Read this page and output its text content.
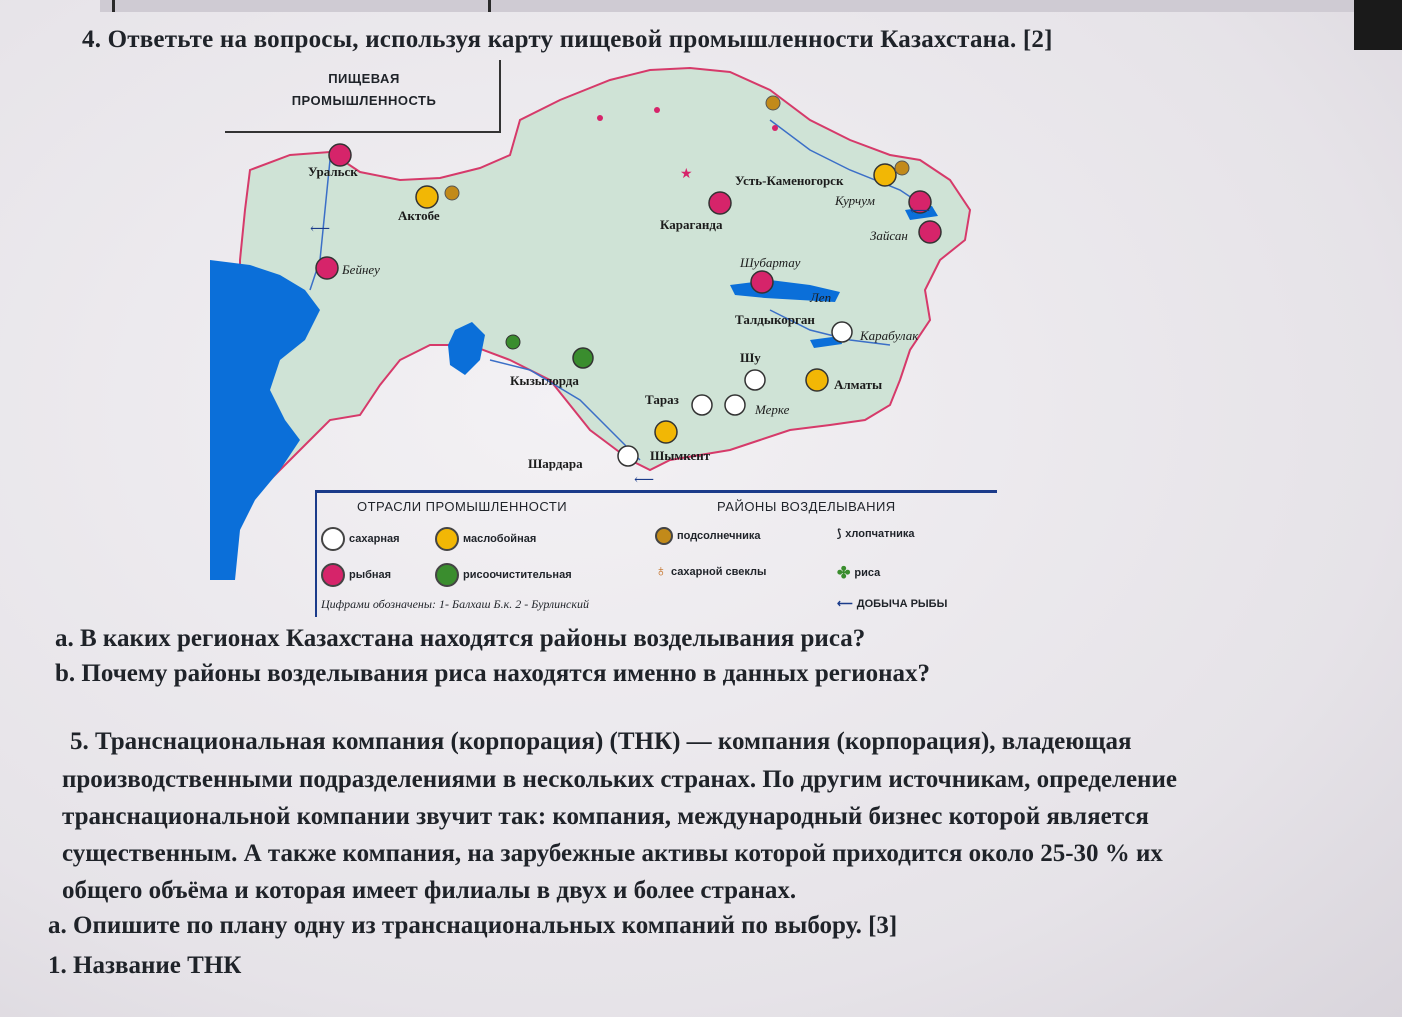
4. Ответьте на вопросы, используя карту пищевой промышленности Казахстана. [2]
★
⟵
⟵
⟵
ПИЩЕВАЯ
ПРОМЫШЛЕННОСТЬ
Уральск
Актобе
Бейнеу
Караганда
Усть-Каменогорск
Курчум
Зайсан
Шубартау
Леп
Талдыкорган
Карабулак
Кызылорда
Шу
Алматы
Тараз
Мерке
Шардара
Шымкент
ОТРАСЛИ ПРОМЫШЛЕННОСТИ	РАЙОНЫ ВОЗДЕЛЫВАНИЯ
сахарная	маслобойная	подсолнечника	⟆ хлопчатника
рыбная	рисоочистительная	♁ сахарной свеклы	✤ риса
Цифрами обозначены: 1- Балхаш Б.к. 2 - Бурлинский	⟵ ДОБЫЧА РЫБЫ
a. В каких регионах Казахстана находятся районы возделывания риса?
b. Почему районы возделывания риса находятся именно в данных регионах?
5. Транснациональная компания (корпорация) (ТНК) — компания (корпорация), владеющая
производственными подразделениями в нескольких странах. По другим источникам, определение
транснациональной компании звучит так: компания, международный бизнес которой является
существенным. А также компания, на зарубежные активы которой приходится около 25-30 % их
общего объёма и которая имеет филиалы в двух и более странах.
a. Опишите по плану одну из транснациональных компаний по выбору. [3]
1. Название ТНК
